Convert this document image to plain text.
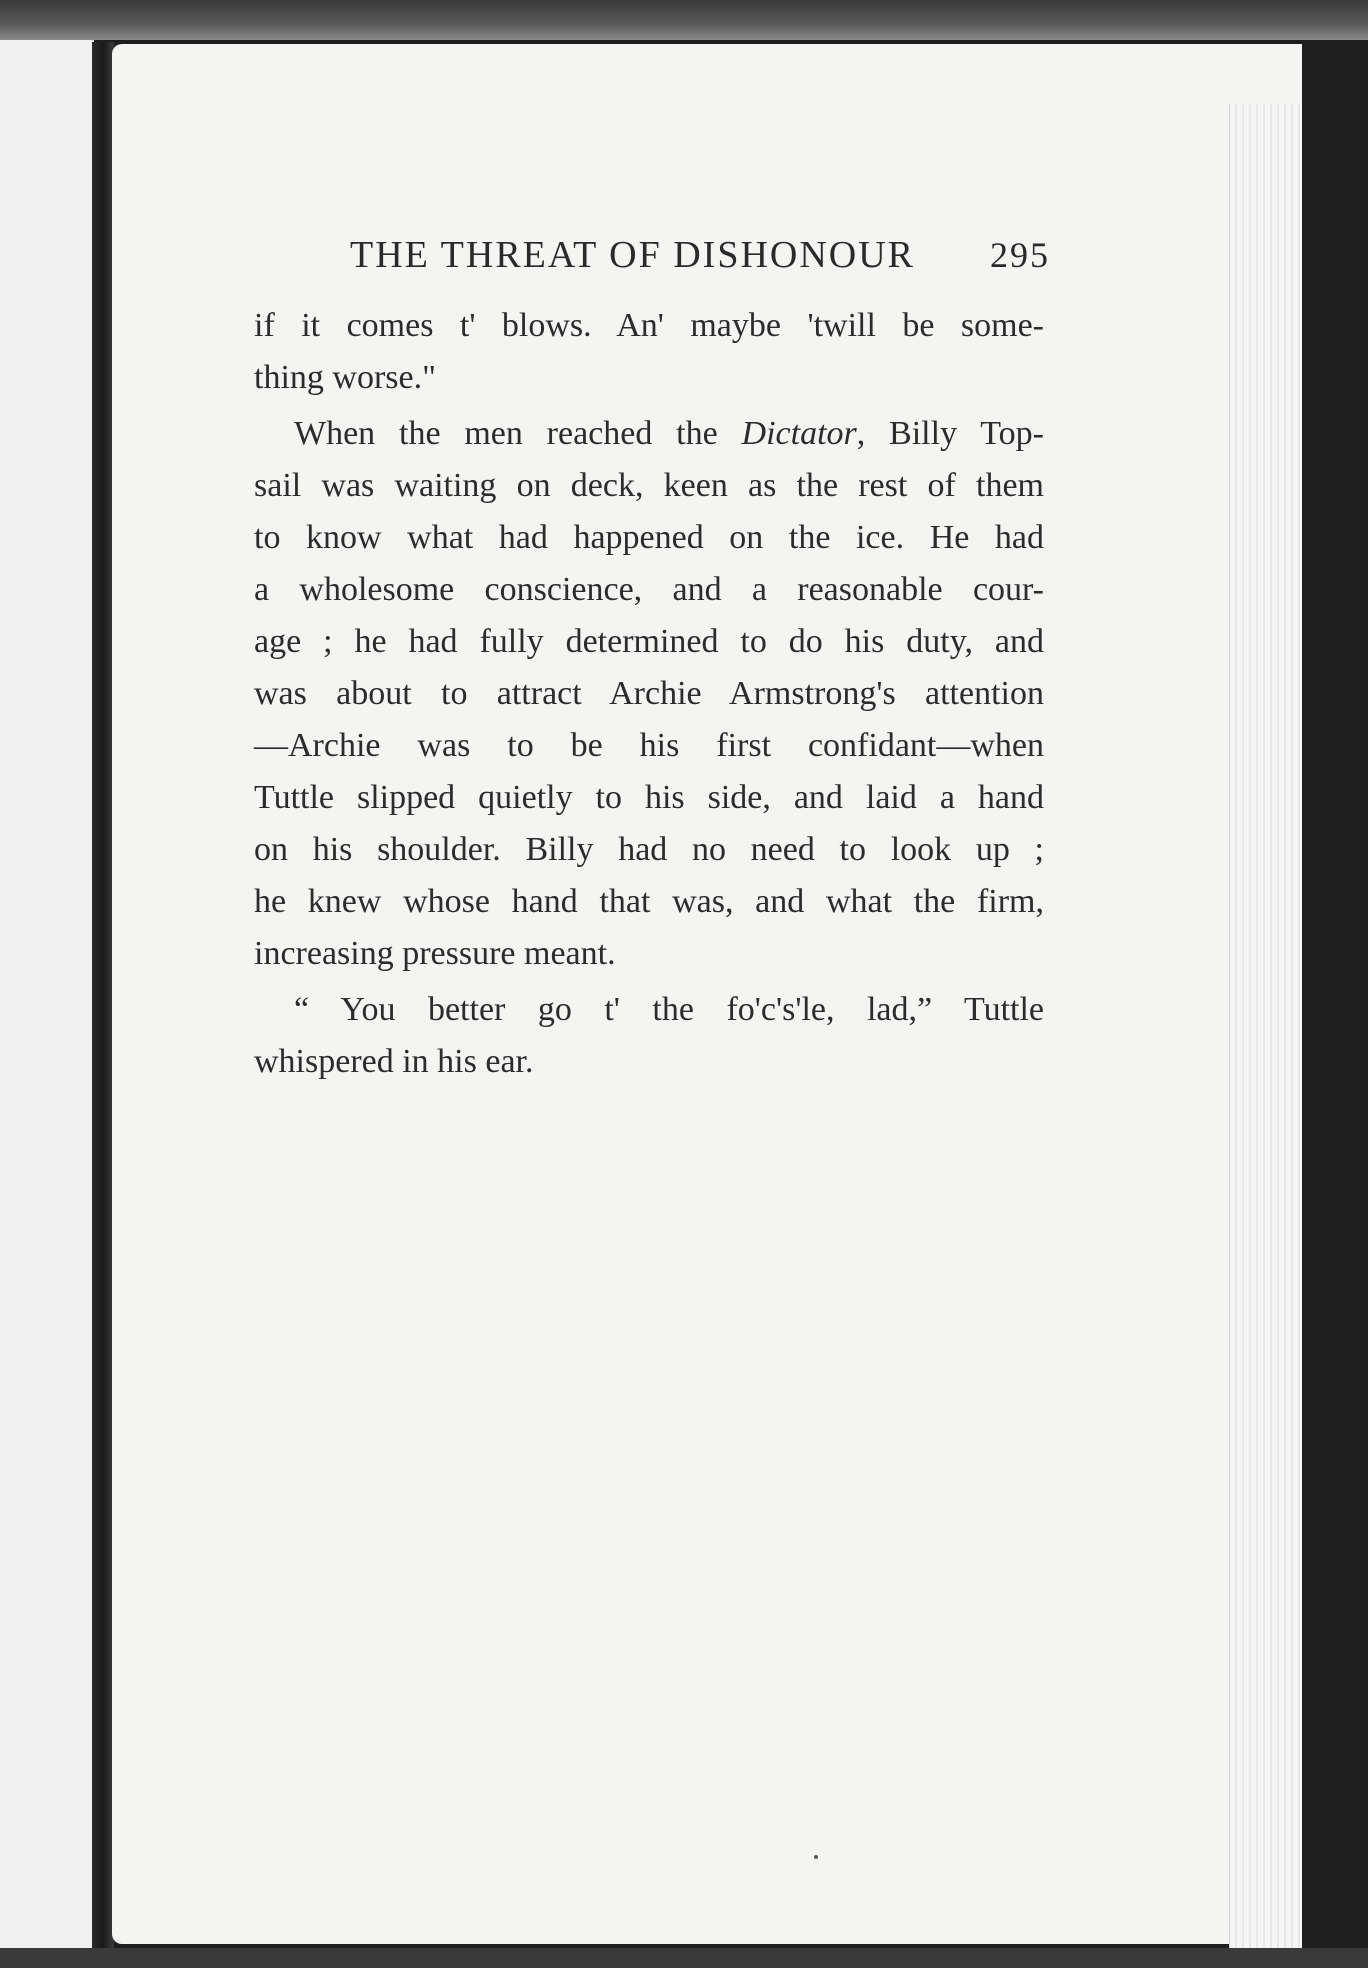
THE THREAT OF DISHONOUR 295
if it comes t' blows. An' maybe 'twill be some-
thing worse."
When the men reached the Dictator, Billy Top-
sail was waiting on deck, keen as the rest of them
to know what had happened on the ice. He had
a wholesome conscience, and a reasonable cour-
age ; he had fully determined to do his duty, and
was about to attract Archie Armstrong's attention
—Archie was to be his first confidant—when
Tuttle slipped quietly to his side, and laid a hand
on his shoulder. Billy had no need to look up ;
he knew whose hand that was, and what the firm,
increasing pressure meant.
“ You better go t' the fo'c's'le, lad,” Tuttle
whispered in his ear.
